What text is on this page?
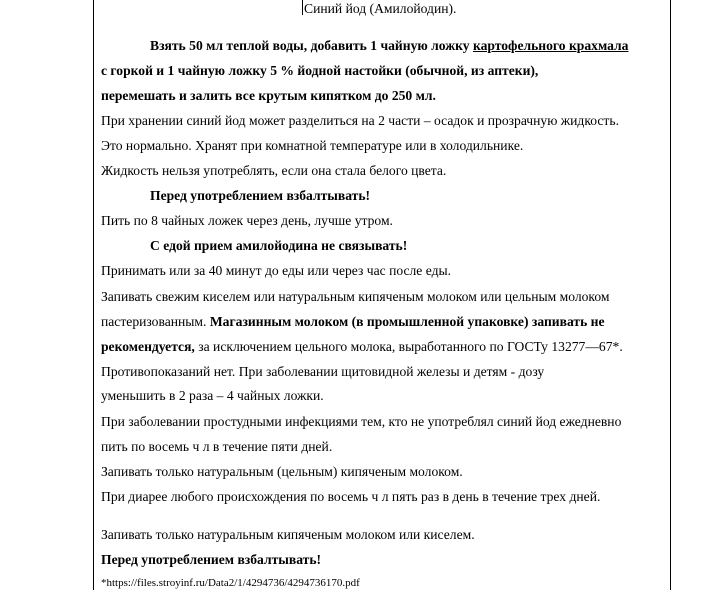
Синий йод (Амилойодин).
Взять 50 мл теплой воды, добавить 1 чайную ложку картофельного крахмала
с горкой и 1 чайную ложку 5 % йодной настойки (обычной, из аптеки),
перемешать и залить все крутым кипятком до 250 мл.
При хранении синий йод может разделиться на 2 части – осадок и прозрачную жидкость.
Это нормально. Хранят при комнатной температуре или в холодильнике.
Жидкость нельзя употреблять, если она стала белого цвета.
Перед употреблением взбалтывать!
Пить по 8 чайных ложек через день, лучше утром.
С едой прием амилойодина не связывать!
Принимать или за 40 минут до еды или через час после еды.
Запивать свежим киселем или натуральным кипяченым молоком или цельным молоком
пастеризованным. Магазинным молоком (в промышленной упаковке) запивать не
рекомендуется, за исключением цельного молока, выработанного по ГОСТу 13277—67*.
Противопоказаний нет. При заболевании щитовидной железы и детям - дозу
уменьшить в 2 раза – 4 чайных ложки.
При заболевании простудными инфекциями тем, кто не употреблял синий йод ежедневно
пить по восемь ч л в течение пяти дней.
Запивать только натуральным (цельным) кипяченым молоком.
При диарее любого происхождения по восемь ч л пять раз в день в течение трех дней.
Запивать только натуральным кипяченым молоком или киселем.
Перед употреблением взбалтывать!
*https://files.stroyinf.ru/Data2/1/4294736/4294736170.pdf
